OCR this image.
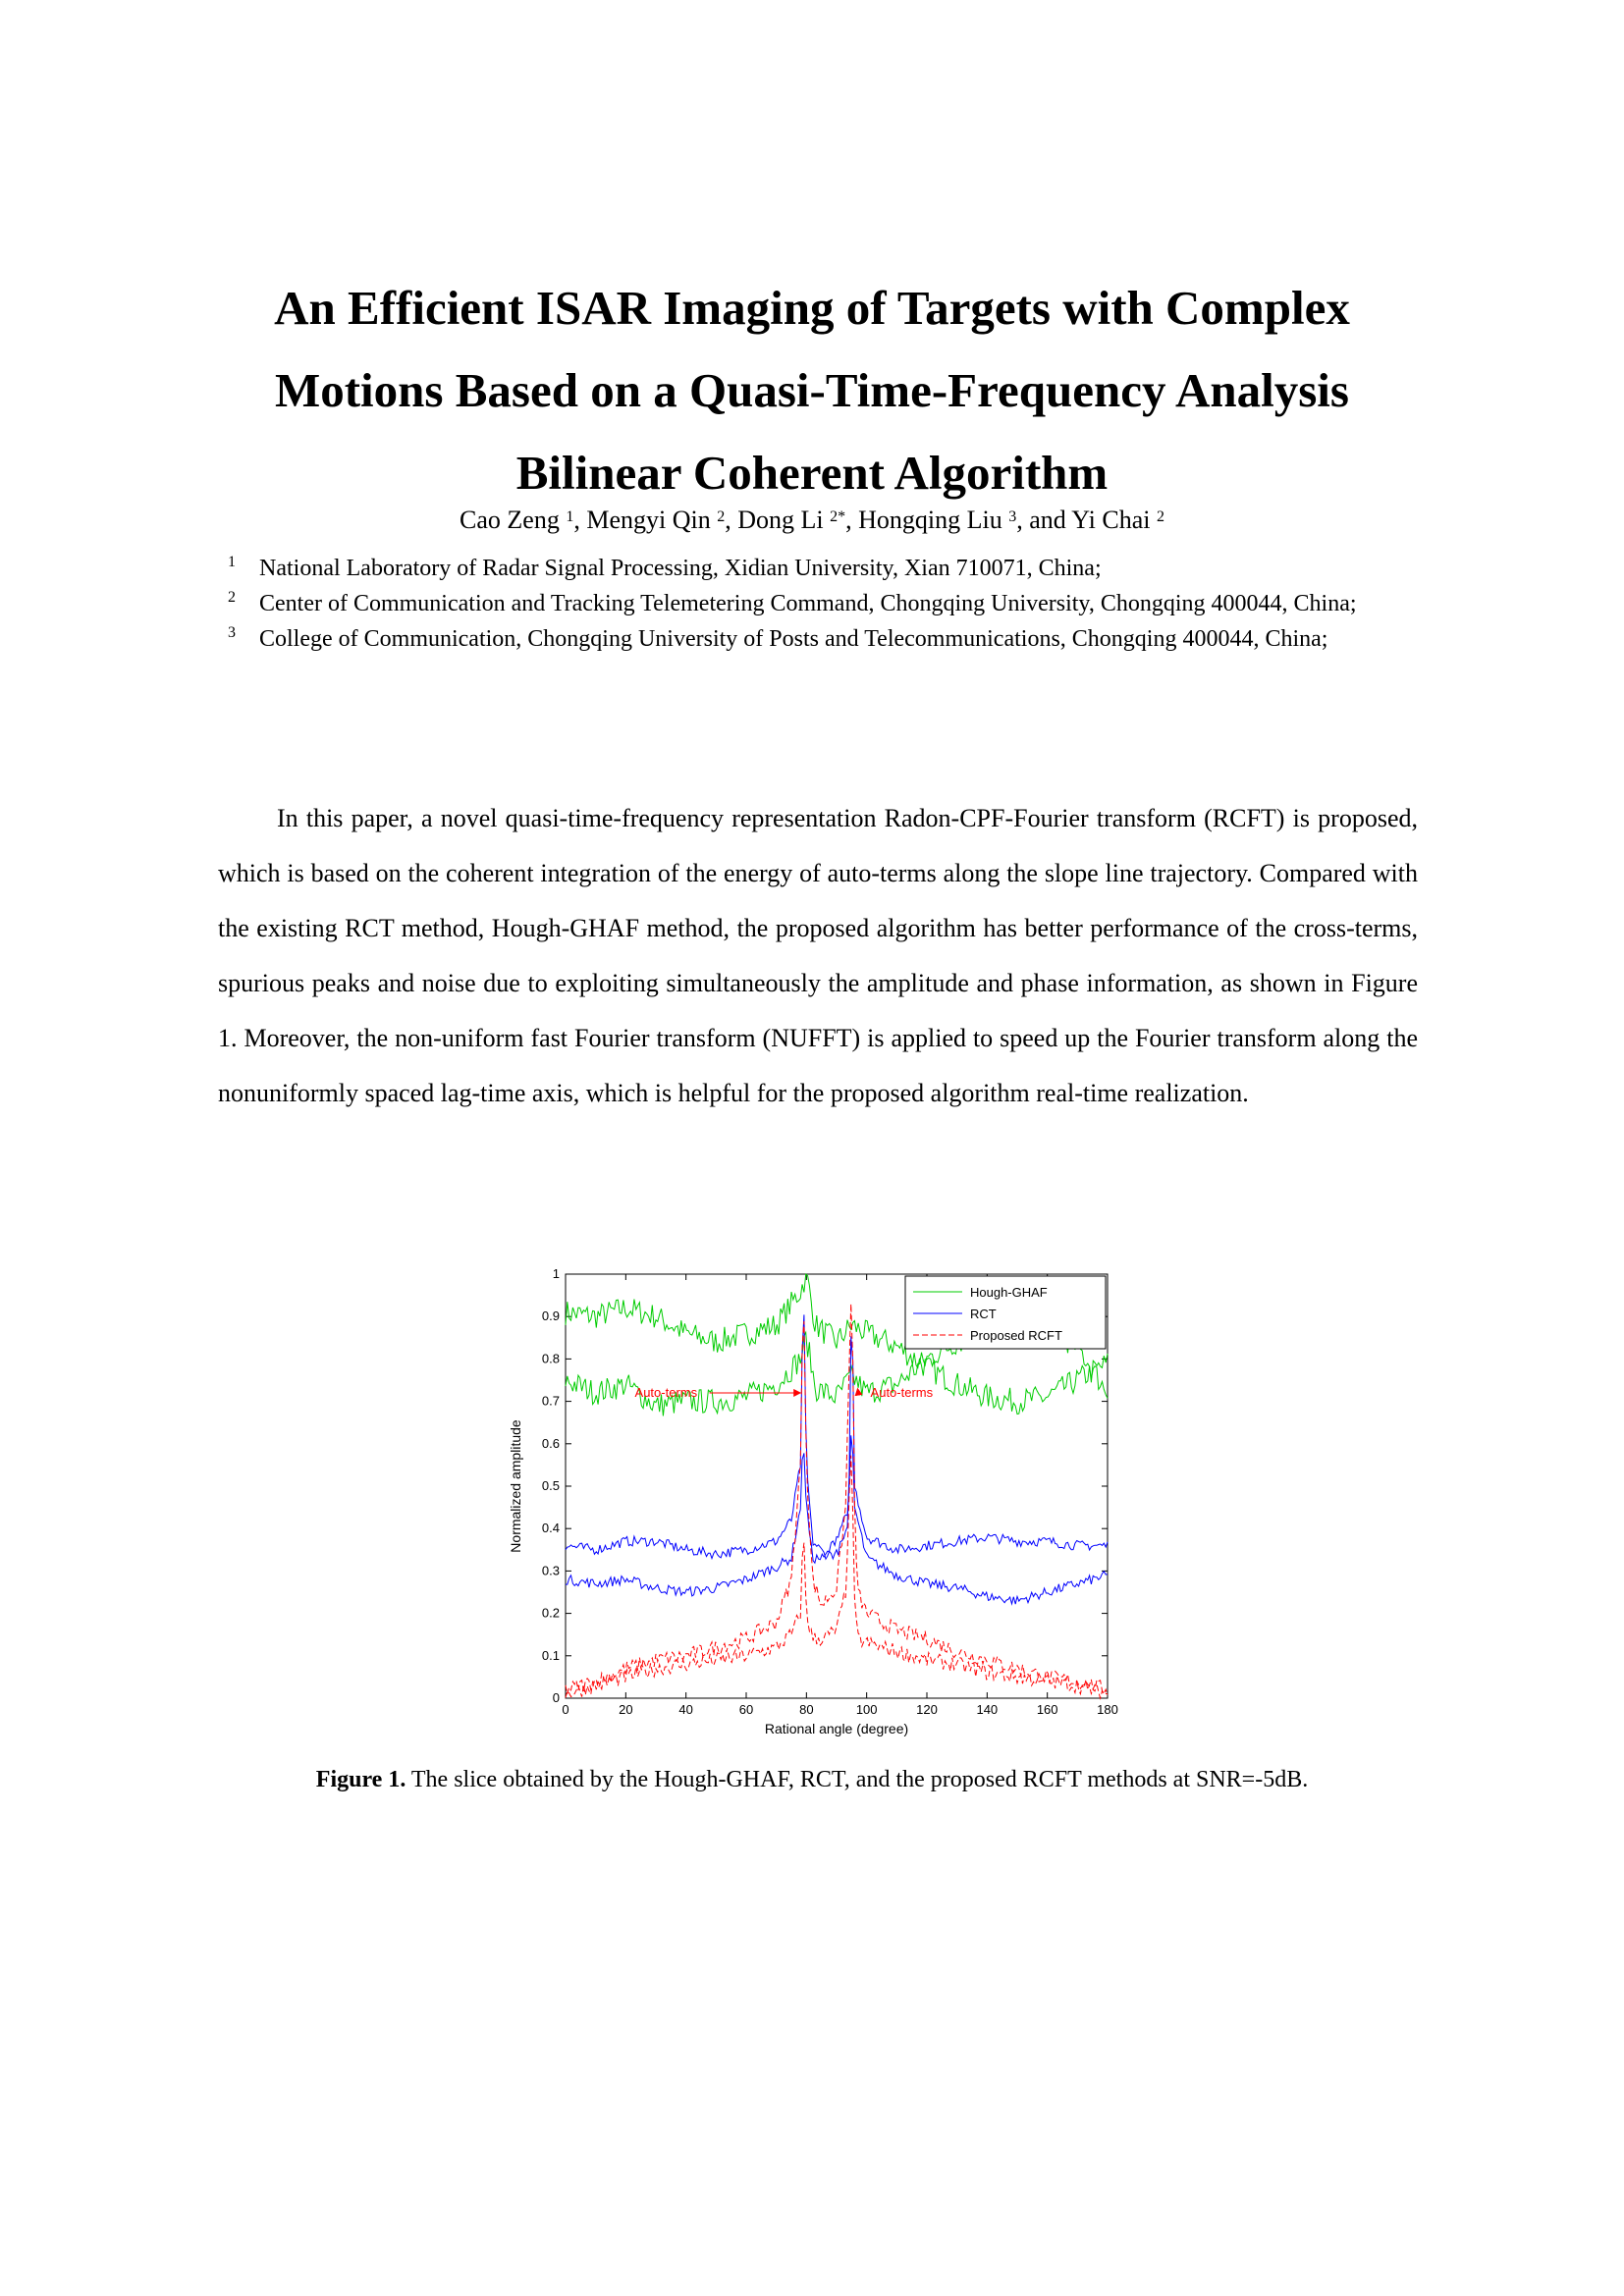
An Efficient ISAR Imaging of Targets with Complex
Motions Based on a Quasi-Time-Frequency Analysis
Bilinear Coherent Algorithm
Cao Zeng $^1$, Mengyi Qin $^2$, Dong Li $^{2*}$, Hongqing Liu $^3$, and Yi Chai $^2$
1 National Laboratory of Radar Signal Processing, Xidian University, Xian 710071, China;
2 Center of Communication and Tracking Telemetering Command, Chongqing University, Chongqing 400044, China;
3 College of Communication, Chongqing University of Posts and Telecommunications, Chongqing 400044, China;

In this paper, a novel quasi-time-frequency representation Radon-CPF-Fourier transform (RCFT) is proposed, which is based on the coherent integration of the energy of auto-terms along the slope line trajectory. Compared with the existing RCT method, Hough-GHAF method, the proposed algorithm has better performance of the cross-terms, spurious peaks and noise due to exploiting simultaneously the amplitude and phase information, as shown in Figure 1. Moreover, the non-uniform fast Fourier transform (NUFFT) is applied to speed up the Fourier transform along the nonuniformly spaced lag-time axis, which is helpful for the proposed algorithm real-time realization.

0	20	40	60	80	100	120	140	160	180
0
0.1
0.2
0.3
0.4
0.5
0.6
0.7
0.8
0.9
1
Auto-terms	Auto-terms
Hough-GHAF
RCT
Proposed RCFT
Rational angle (degree)
Normalized amplitude
Figure 1. The slice obtained by the Hough-GHAF, RCT, and the proposed RCFT methods at SNR=-5dB.
